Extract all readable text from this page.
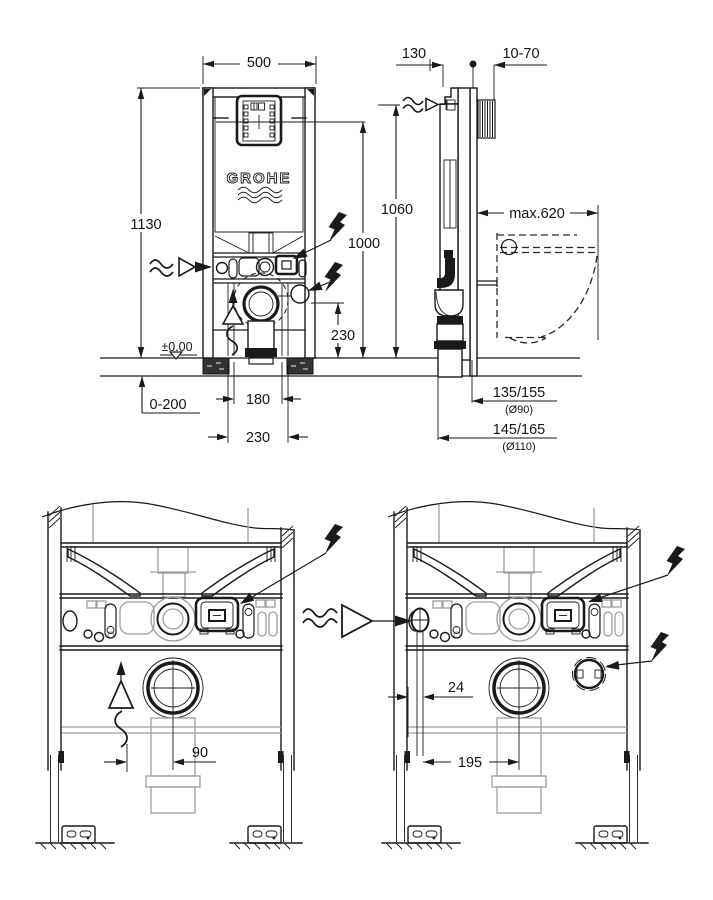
GROHE
500
130	10-70
1130
1060
1000
230
max.620
±0.00
0-200	180
230
135/155
(Ø90)
145/165
(Ø110)
90
24
195
